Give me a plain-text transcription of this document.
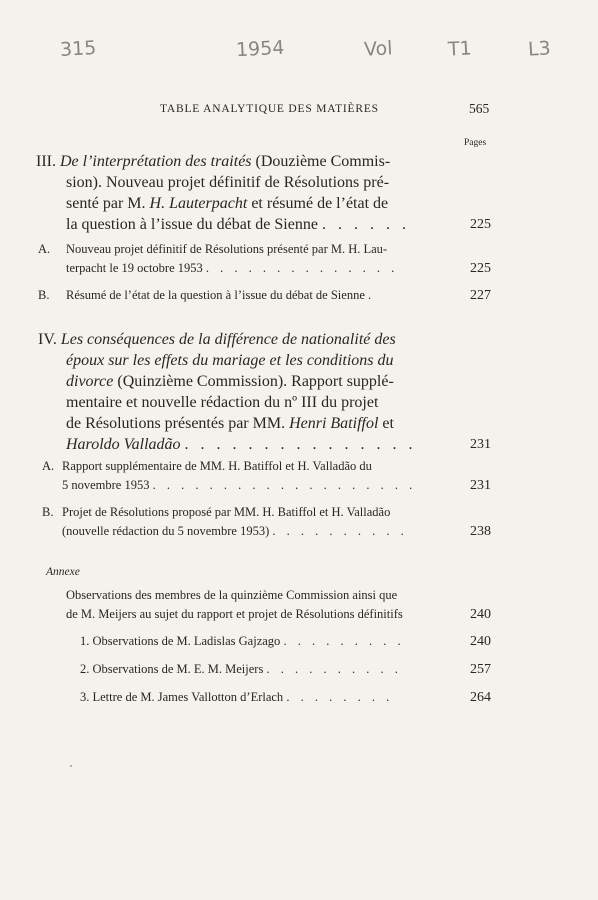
315	1954	Vol	T1	L3
TABLE ANALYTIQUE DES MATIÈRES	565
Pages
III. De l’interprétation des traités (Douzième Commis-
sion). Nouveau projet définitif de Résolutions pré-
senté par M. H. Lauterpacht et résumé de l’état de
la question à l’issue du débat de Sienne . . . . . .	225
A. Nouveau projet définitif de Résolutions présenté par M. H. Lau-
terpacht le 19 octobre 1953 . . . . . . . . . . . . . .	225
B. Résumé de l’état de la question à l’issue du débat de Sienne .	227
IV. Les conséquences de la différence de nationalité des
époux sur les effets du mariage et les conditions du
divorce (Quinzième Commission). Rapport supplé-
mentaire et nouvelle rédaction du nº III du projet
de Résolutions présentés par MM. Henri Batiffol et
Haroldo Valladão . . . . . . . . . . . . . . .	231
A. Rapport supplémentaire de MM. H. Batiffol et H. Valladão du
5 novembre 1953 . . . . . . . . . . . . . . . . . . .	231
B. Projet de Résolutions proposé par MM. H. Batiffol et H. Valladão
(nouvelle rédaction du 5 novembre 1953) . . . . . . . . . .	238
Annexe
Observations des membres de la quinzième Commission ainsi que
de M. Meijers au sujet du rapport et projet de Résolutions définitifs	240
1. Observations de M. Ladislas Gajzago . . . . . . . . .	240
2. Observations de M. E. M. Meijers . . . . . . . . . .	257
3. Lettre de M. James Vallotton d’Erlach . . . . . . . .	264
